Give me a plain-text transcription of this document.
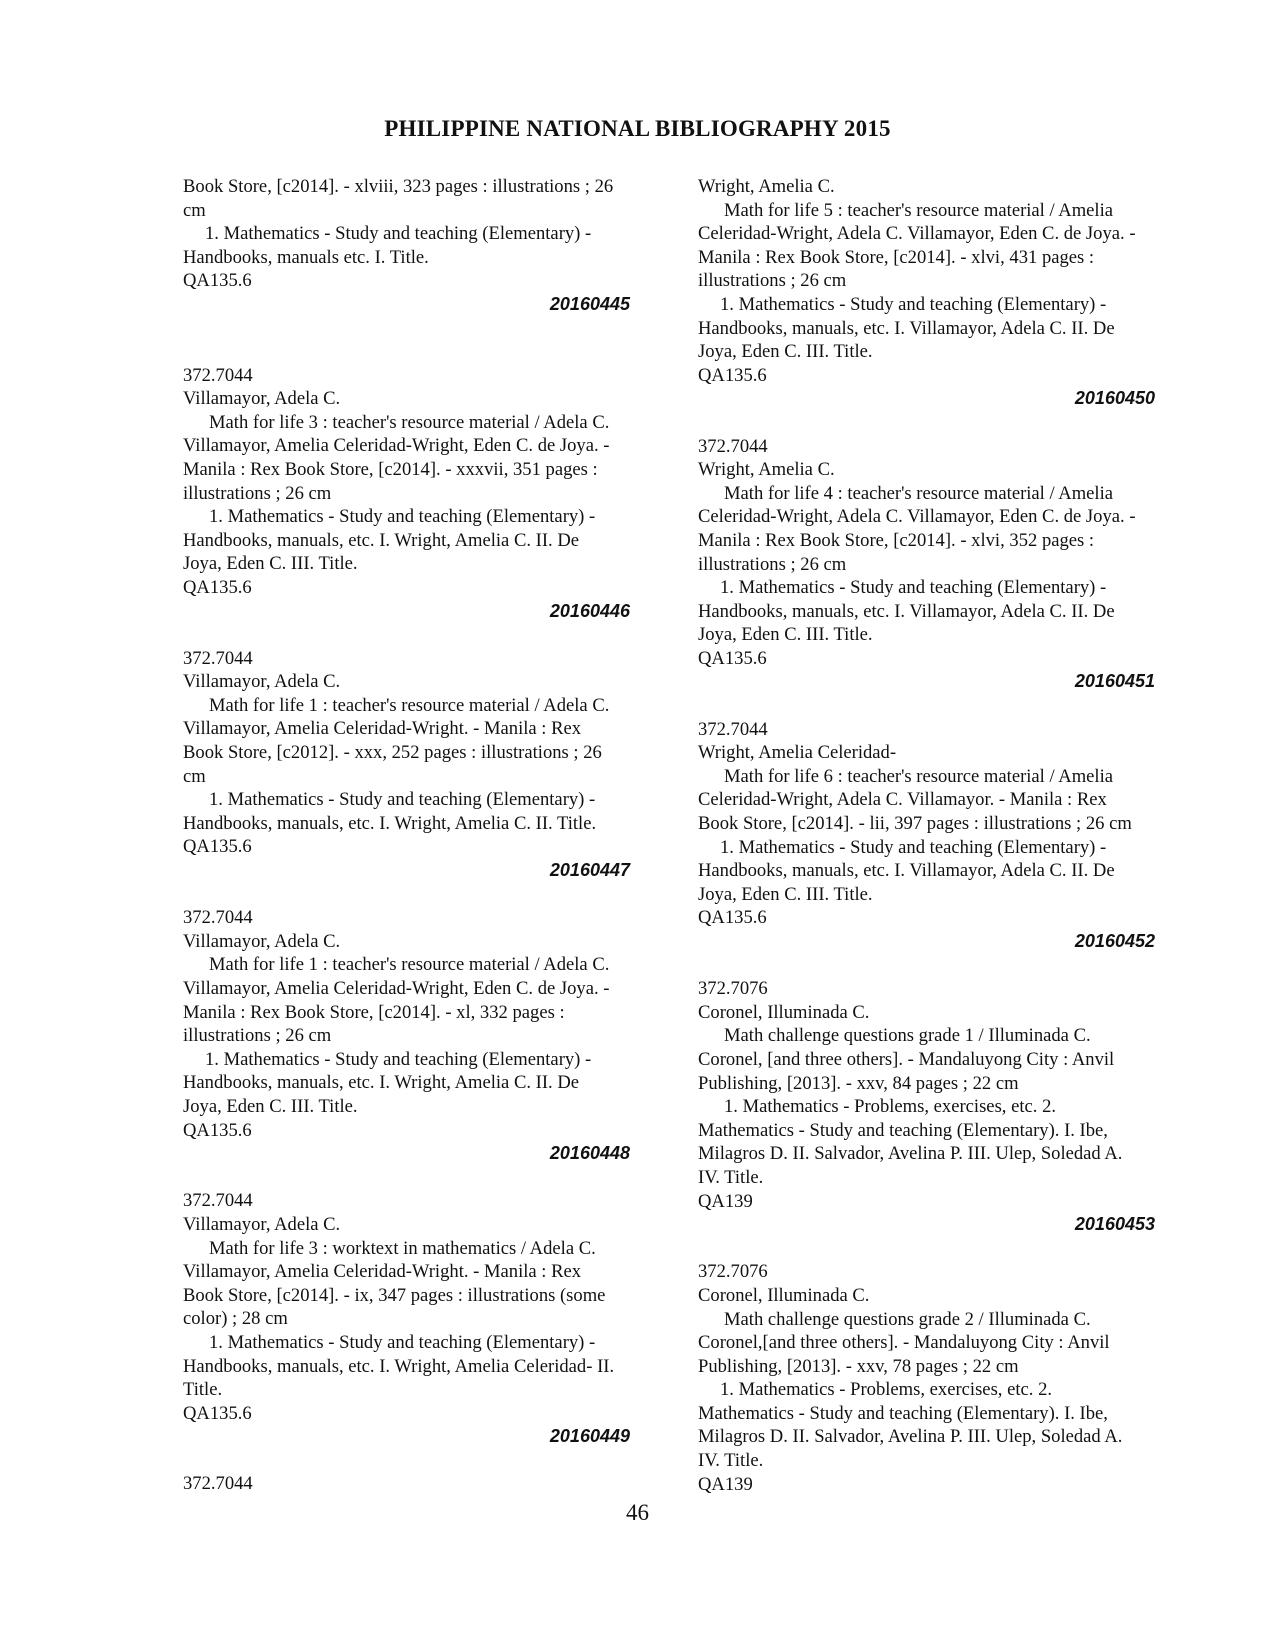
PHILIPPINE NATIONAL BIBLIOGRAPHY 2015
Book Store, [c2014]. - xlviii, 323 pages : illustrations ; 26
cm
1. Mathematics - Study and teaching (Elementary) -
Handbooks, manuals etc. I. Title.
QA135.6
20160445
372.7044
Villamayor, Adela C.
Math for life 3 : teacher's resource material / Adela C.
Villamayor, Amelia Celeridad-Wright, Eden C. de Joya. -
Manila : Rex Book Store, [c2014]. - xxxvii, 351 pages :
illustrations ; 26 cm
1. Mathematics - Study and teaching (Elementary) -
Handbooks, manuals, etc. I. Wright, Amelia C. II. De
Joya, Eden C. III. Title.
QA135.6
20160446
372.7044
Villamayor, Adela C.
Math for life 1 : teacher's resource material / Adela C.
Villamayor, Amelia Celeridad-Wright. - Manila : Rex
Book Store, [c2012]. - xxx, 252 pages : illustrations ; 26
cm
1. Mathematics - Study and teaching (Elementary) -
Handbooks, manuals, etc. I. Wright, Amelia C. II. Title.
QA135.6
20160447
372.7044
Villamayor, Adela C.
Math for life 1 : teacher's resource material / Adela C.
Villamayor, Amelia Celeridad-Wright, Eden C. de Joya. -
Manila : Rex Book Store, [c2014]. - xl, 332 pages :
illustrations ; 26 cm
1. Mathematics - Study and teaching (Elementary) -
Handbooks, manuals, etc. I. Wright, Amelia C. II. De
Joya, Eden C. III. Title.
QA135.6
20160448
372.7044
Villamayor, Adela C.
Math for life 3 : worktext in mathematics / Adela C.
Villamayor, Amelia Celeridad-Wright. - Manila : Rex
Book Store, [c2014]. - ix, 347 pages : illustrations (some
color) ; 28 cm
1. Mathematics - Study and teaching (Elementary) -
Handbooks, manuals, etc. I. Wright, Amelia Celeridad- II.
Title.
QA135.6
20160449
372.7044
Wright, Amelia C.
Math for life 5 : teacher's resource material / Amelia
Celeridad-Wright, Adela C. Villamayor, Eden C. de Joya. -
Manila : Rex Book Store, [c2014]. - xlvi, 431 pages :
illustrations ; 26 cm
1. Mathematics - Study and teaching (Elementary) -
Handbooks, manuals, etc. I. Villamayor, Adela C. II. De
Joya, Eden C. III. Title.
QA135.6
20160450
372.7044
Wright, Amelia C.
Math for life 4 : teacher's resource material / Amelia
Celeridad-Wright, Adela C. Villamayor, Eden C. de Joya. -
Manila : Rex Book Store, [c2014]. - xlvi, 352 pages :
illustrations ; 26 cm
1. Mathematics - Study and teaching (Elementary) -
Handbooks, manuals, etc. I. Villamayor, Adela C. II. De
Joya, Eden C. III. Title.
QA135.6
20160451
372.7044
Wright, Amelia Celeridad-
Math for life 6 : teacher's resource material / Amelia
Celeridad-Wright, Adela C. Villamayor. - Manila : Rex
Book Store, [c2014]. - lii, 397 pages : illustrations ; 26 cm
1. Mathematics - Study and teaching (Elementary) -
Handbooks, manuals, etc. I. Villamayor, Adela C. II. De
Joya, Eden C. III. Title.
QA135.6
20160452
372.7076
Coronel, Illuminada C.
Math challenge questions grade 1 / Illuminada C.
Coronel, [and three others]. - Mandaluyong City : Anvil
Publishing, [2013]. - xxv, 84 pages ; 22 cm
1. Mathematics - Problems, exercises, etc. 2.
Mathematics - Study and teaching (Elementary). I. Ibe,
Milagros D. II. Salvador, Avelina P. III. Ulep, Soledad A.
IV. Title.
QA139
20160453
372.7076
Coronel, Illuminada C.
Math challenge questions grade 2 / Illuminada C.
Coronel,[and three others]. - Mandaluyong City : Anvil
Publishing, [2013]. - xxv, 78 pages ; 22 cm
1. Mathematics - Problems, exercises, etc. 2.
Mathematics - Study and teaching (Elementary). I. Ibe,
Milagros D. II. Salvador, Avelina P. III. Ulep, Soledad A.
IV. Title.
QA139
46
